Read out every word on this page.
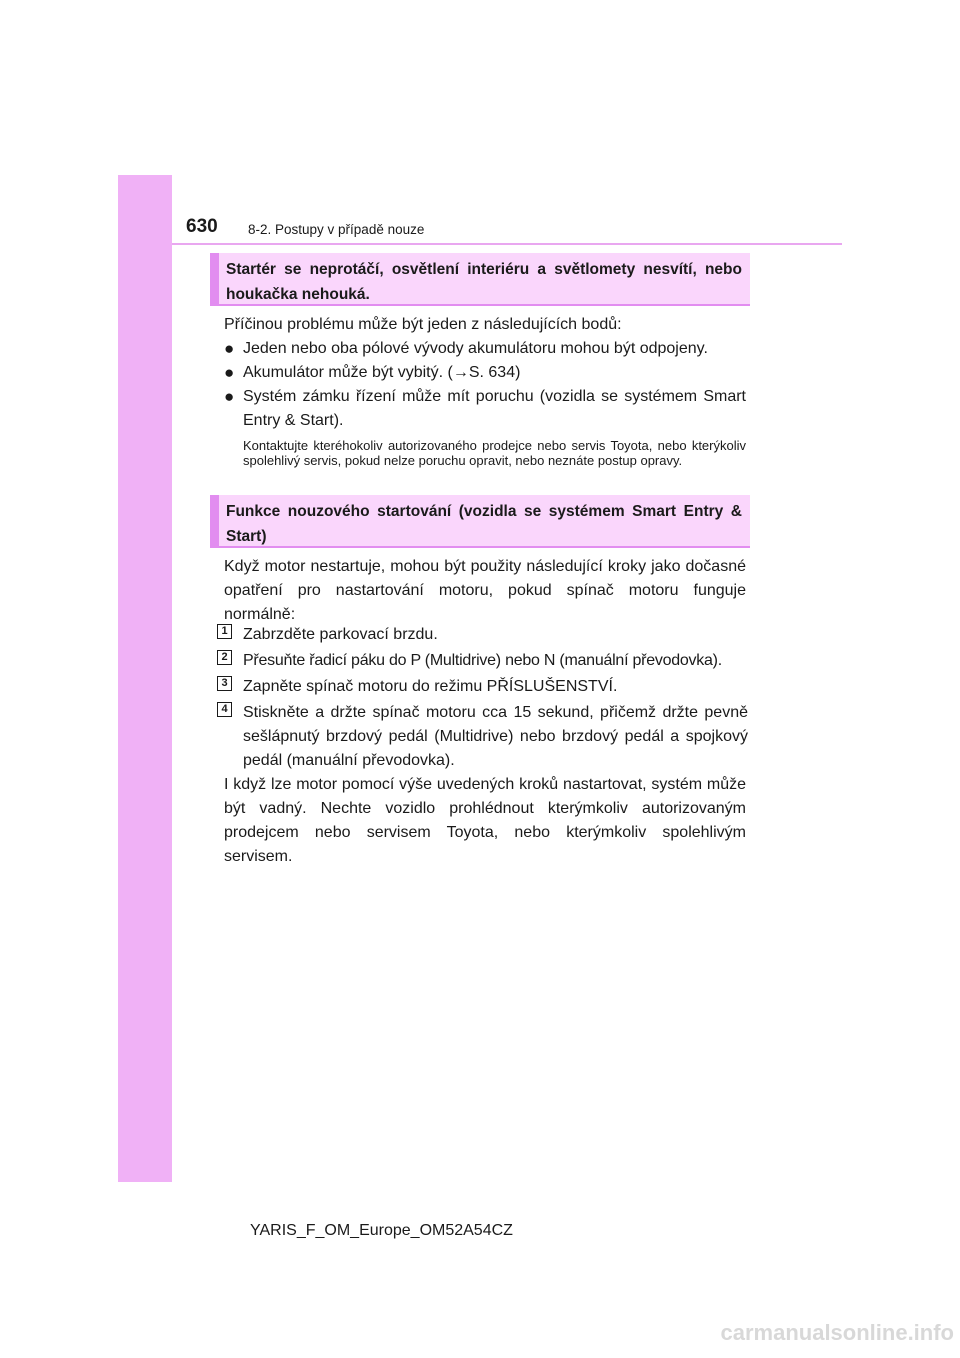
630 8-2. Postupy v případě nouze
Startér se neprotáčí, osvětlení interiéru a světlomety nesvítí, nebo houkačka nehouká.
Příčinou problému může být jeden z následujících bodů:
● Jeden nebo oba pólové vývody akumulátoru mohou být odpojeny.
● Akumulátor může být vybitý. (→S. 634)
● Systém zámku řízení může mít poruchu (vozidla se systémem Smart Entry & Start).
Kontaktujte kteréhokoliv autorizovaného prodejce nebo servis Toyota, nebo kterýkoliv spolehlivý servis, pokud nelze poruchu opravit, nebo neznáte postup opravy.
Funkce nouzového startování (vozidla se systémem Smart Entry & Start)
Když motor nestartuje, mohou být použity následující kroky jako dočasné opatření pro nastartování motoru, pokud spínač motoru funguje normálně:
1 Zabrzděte parkovací brzdu.
2 Přesuňte řadicí páku do P (Multidrive) nebo N (manuální převodovka).
3 Zapněte spínač motoru do režimu PŘÍSLUŠENSTVÍ.
4 Stiskněte a držte spínač motoru cca 15 sekund, přičemž držte pevně sešlápnutý brzdový pedál (Multidrive) nebo brzdový pedál a spojkový pedál (manuální převodovka).
I když lze motor pomocí výše uvedených kroků nastartovat, systém může být vadný. Nechte vozidlo prohlédnout kterýmkoliv autorizovaným prodejcem nebo servisem Toyota, nebo kterýmkoliv spolehlivým servisem.
YARIS_F_OM_Europe_OM52A54CZ
carmanualsonline.info
